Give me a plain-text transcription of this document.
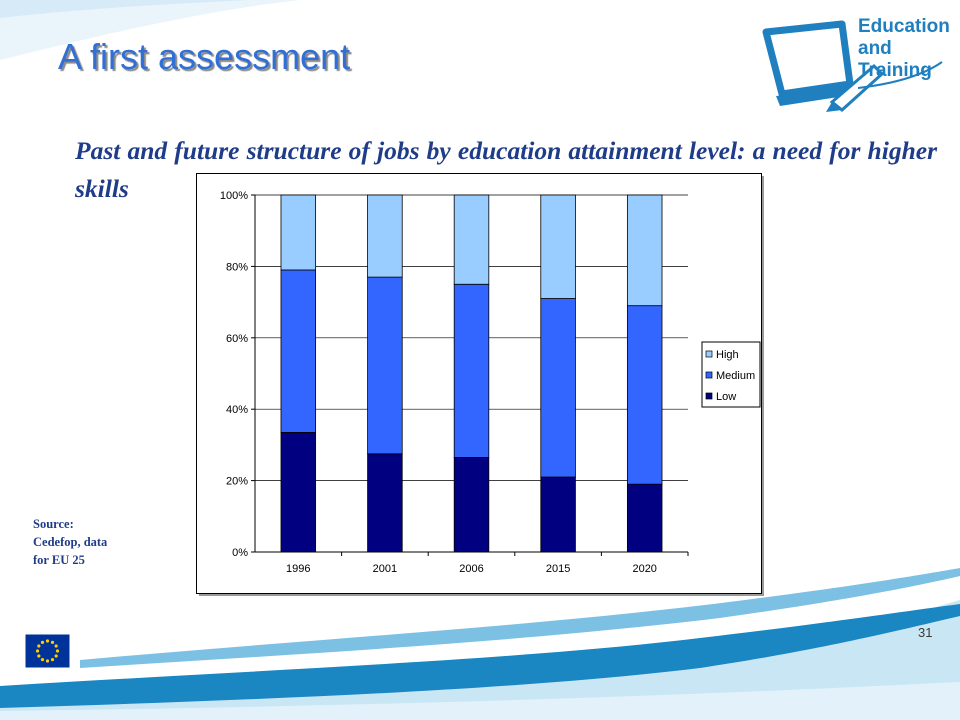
A first assessment

Past and future structure of jobs by education attainment level: a need for higher skills

Source:
Cedefop, data
for EU 25
Education
and
Training
0%
20%
40%
60%
80%
100%
1996	2001	2006	2015	2020
High
Medium
Low
31
